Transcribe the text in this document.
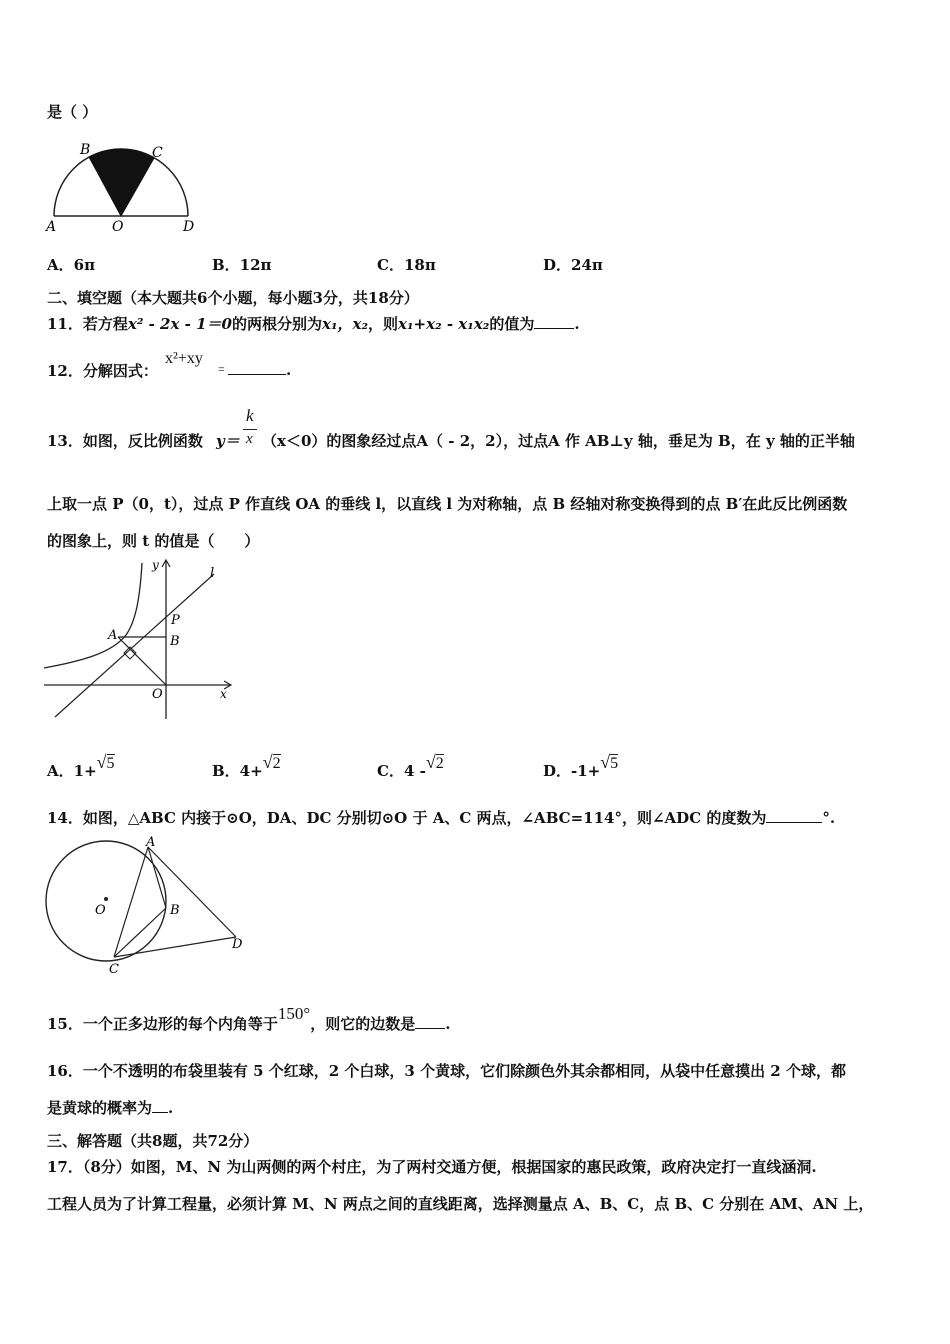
是（ ）
B	C
A	O	D
A．6π	B．12π	C．18π	D．24π
二、填空题（本大题共6个小题，每小题3分，共18分）
11．若方程x² - 2x - 1＝0的两根分别为x₁，x₂，则x₁+x₂ - x₁x₂的值为	.
12．分解因式：
x²+xy
=	.
13．如图，反比例函数 y＝
k
x （x＜0）的图象经过点A（ - 2，2），过点A 作 AB⊥y 轴，垂足为 B，在 y 轴的正半轴
上取一点 P（0，t），过点 P 作直线 OA 的垂线 l，以直线 l 为对称轴，点 B 经轴对称变换得到的点 B′在此反比例函数
的图象上，则 t 的值是（　　）
y
l
P
A	B
O	x
A．1+√5	B．4+√2	C．4 -√2	D．-1+√5
14．如图，△ABC 内接于⊙O，DA、DC 分别切⊙O 于 A、C 两点，∠ABC=114°，则∠ADC 的度数为	°.
A
B
O
D
C
15．一个正多边形的每个内角等于150°，则它的边数是 .
16．一个不透明的布袋里装有 5 个红球，2 个白球，3 个黄球，它们除颜色外其余都相同，从袋中任意摸出 2 个球，都
是黄球的概率为 .
三、解答题（共8题，共72分）
17．（8分）如图，M、N 为山两侧的两个村庄，为了两村交通方便，根据国家的惠民政策，政府决定打一直线涵洞.
工程人员为了计算工程量，必须计算 M、N 两点之间的直线距离，选择测量点 A、B、C，点 B、C 分别在 AM、AN 上，
